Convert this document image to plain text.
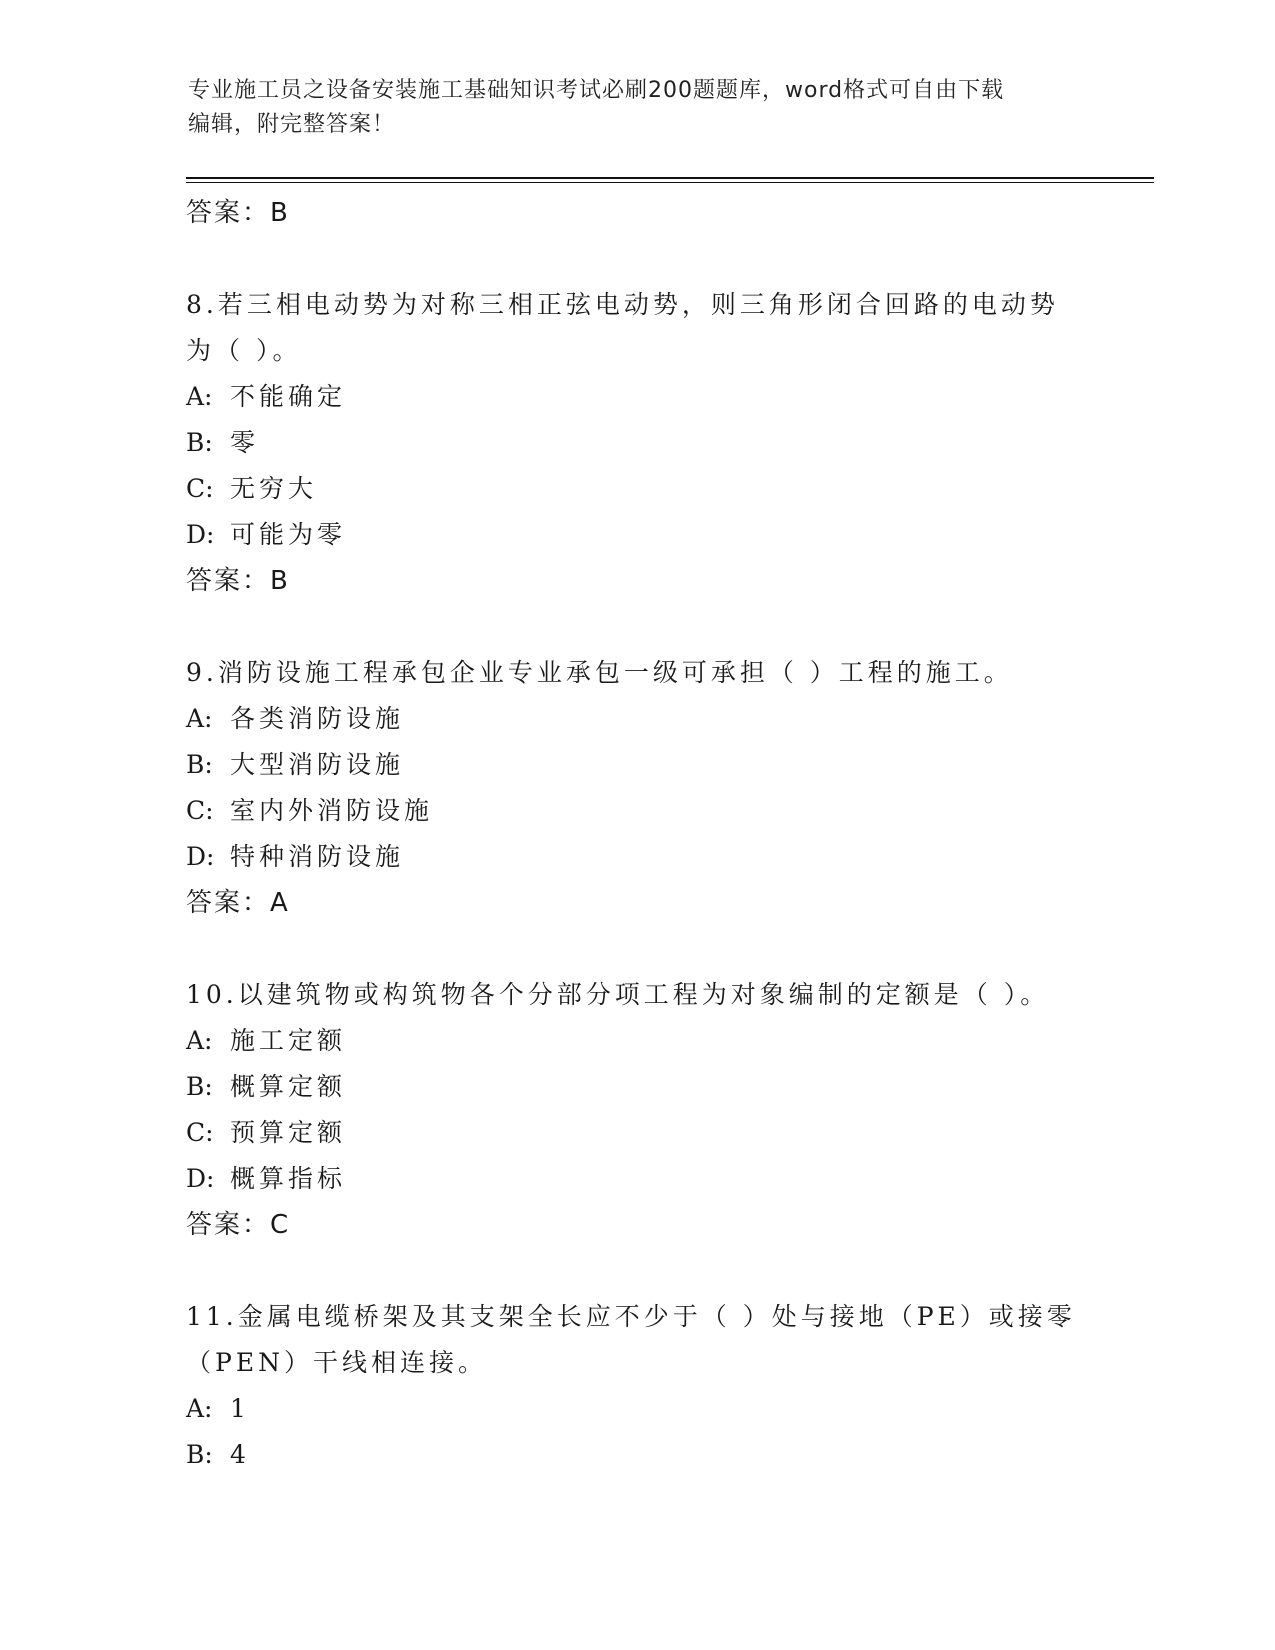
专业施工员之设备安装施工基础知识考试必刷200题题库，word格式可自由下载
编辑，附完整答案！
答案：B
8.若三相电动势为对称三相正弦电动势，则三角形闭合回路的电动势
为（ ）。
A: 不能确定
B: 零
C: 无穷大
D: 可能为零
答案：B
9.消防设施工程承包企业专业承包一级可承担（ ）工程的施工。
A: 各类消防设施
B: 大型消防设施
C: 室内外消防设施
D: 特种消防设施
答案：A
10.以建筑物或构筑物各个分部分项工程为对象编制的定额是（ ）。
A: 施工定额
B: 概算定额
C: 预算定额
D: 概算指标
答案：C
11.金属电缆桥架及其支架全长应不少于（ ）处与接地（PE）或接零
（PEN）干线相连接。
A: 1
B: 4
